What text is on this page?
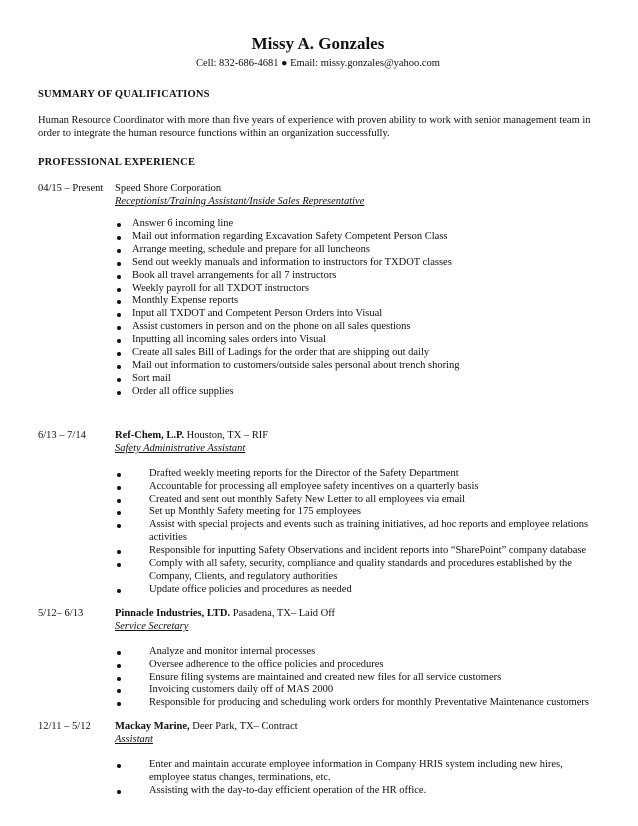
Missy A. Gonzales
Cell: 832-686-4681 ● Email: missy.gonzales@yahoo.com
SUMMARY OF QUALIFICATIONS
Human Resource Coordinator with more than five years of experience with proven ability to work with senior management team in order to integrate the human resource functions within an organization successfully.
PROFESSIONAL EXPERIENCE
04/15 – Present	Speed Shore Corporation
Receptionist/Training Assistant/Inside Sales Representative
Answer 6 incoming line
Mail out information regarding Excavation Safety Competent Person Class
Arrange meeting, schedule and prepare for all luncheons
Send out weekly manuals and information to instructors for TXDOT classes
Book all travel arrangements for all 7 instructors
Weekly payroll for all TXDOT instructors
Monthly Expense reports
Input all TXDOT and Competent Person Orders into Visual
Assist customers in person and on the phone on all sales questions
Inputting all incoming sales orders into Visual
Create all sales Bill of Ladings for the order that are shipping out daily
Mail out information to customers/outside sales personal about trench shoring
Sort mail
Order all office supplies
6/13 – 7/14	Ref-Chem, L.P. Houston, TX – RIF
Safety Administrative Assistant
Drafted weekly meeting reports for the Director of the Safety Department
Accountable for processing all employee safety incentives on a quarterly basis
Created and sent out monthly Safety New Letter to all employees via email
Set up Monthly Safety meeting for 175 employees
Assist with special projects and events such as training initiatives, ad hoc reports and employee relations activities
Responsible for inputting Safety Observations and incident reports into “SharePoint” company database
Comply with all safety, security, compliance and quality standards and procedures established by the Company, Clients, and regulatory authorities
Update office policies and procedures as needed
5/12– 6/13	Pinnacle Industries, LTD. Pasadena, TX– Laid Off
Service Secretary
Analyze and monitor internal processes
Oversee adherence to the office policies and procedures
Ensure filing systems are maintained and created new files for all service customers
Invoicing customers daily off of MAS 2000
Responsible for producing and scheduling work orders for monthly Preventative Maintenance customers
12/11 – 5/12	Mackay Marine, Deer Park, TX– Contract
Assistant
Enter and maintain accurate employee information in Company HRIS system including new hires, employee status changes, terminations, etc.
Assisting with the day-to-day efficient operation of the HR office.
